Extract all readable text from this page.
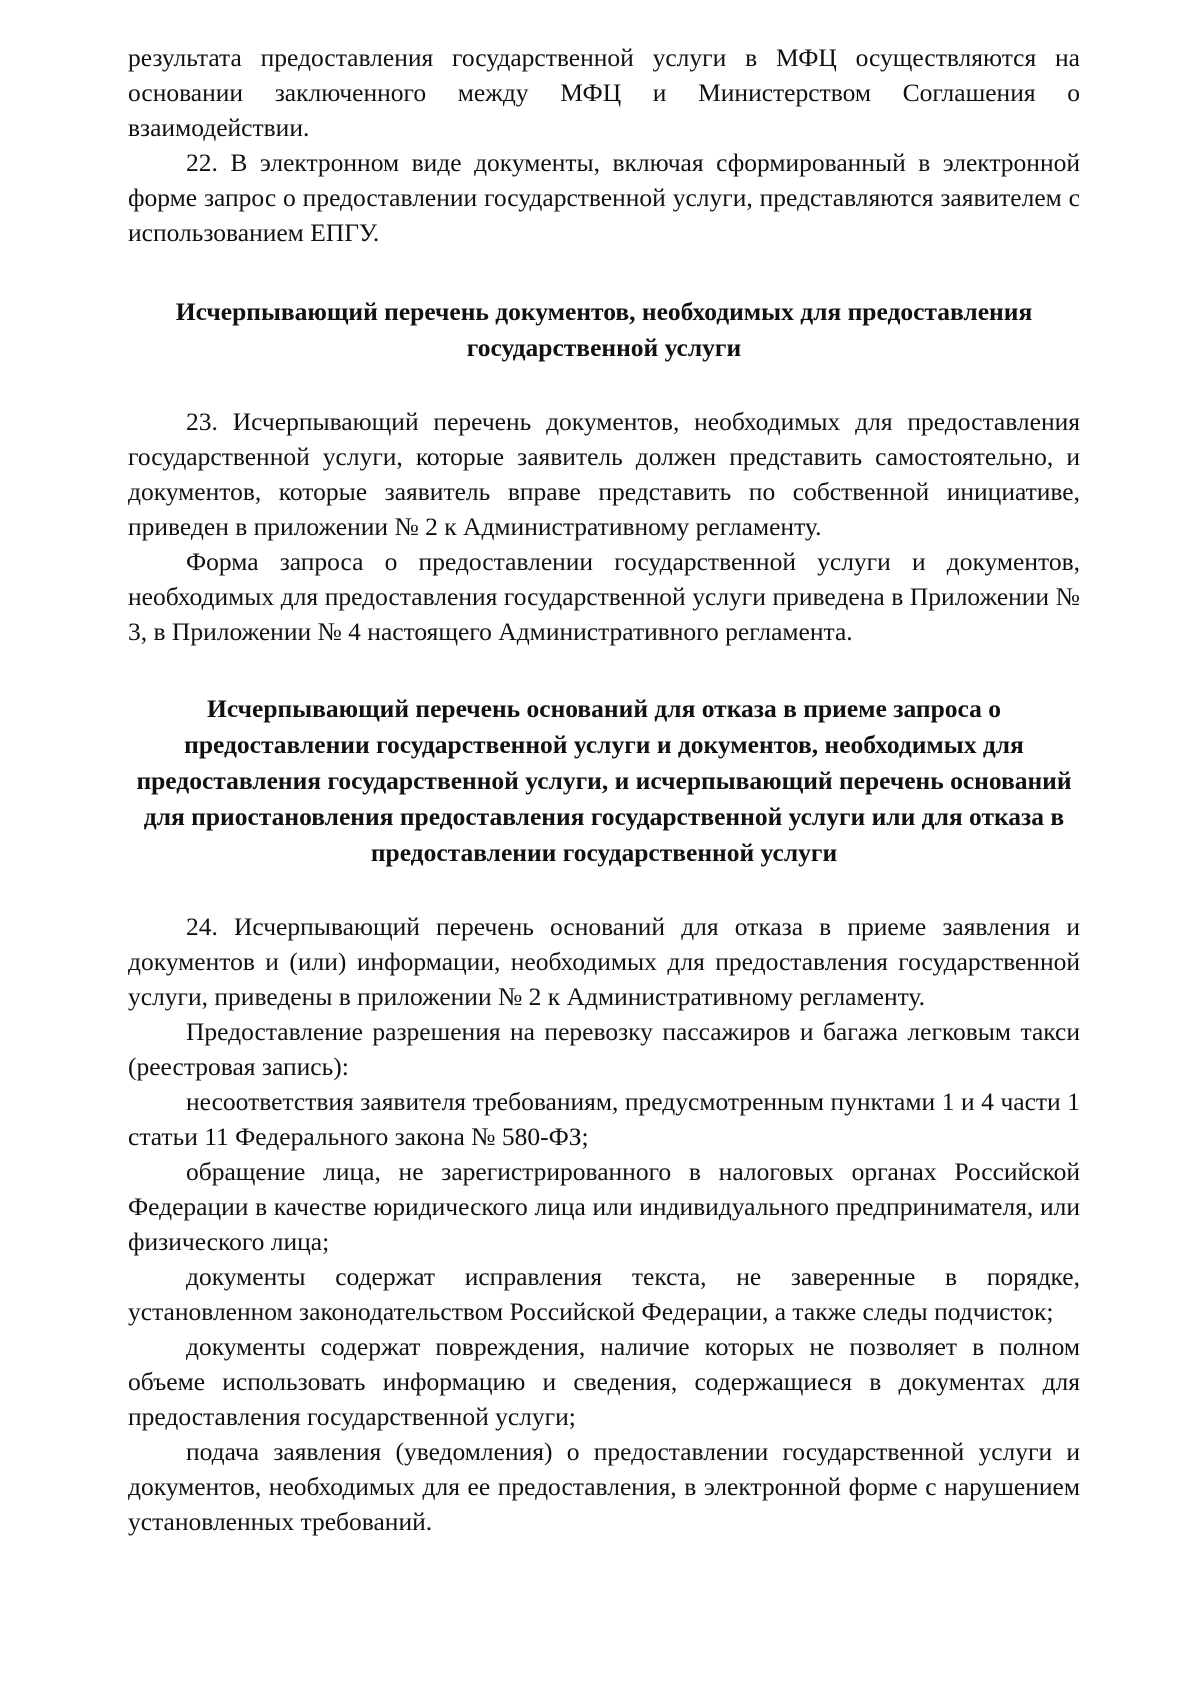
результата предоставления государственной услуги в МФЦ осуществляются на основании заключенного между МФЦ и Министерством Соглашения о взаимодействии.

22. В электронном виде документы, включая сформированный в электронной форме запрос о предоставлении государственной услуги, представляются заявителем с использованием ЕПГУ.

Исчерпывающий перечень документов, необходимых для предоставления государственной услуги

23. Исчерпывающий перечень документов, необходимых для предоставления государственной услуги, которые заявитель должен представить самостоятельно, и документов, которые заявитель вправе представить по собственной инициативе, приведен в приложении № 2 к Административному регламенту.

Форма запроса о предоставлении государственной услуги и документов, необходимых для предоставления государственной услуги приведена в Приложении № 3, в Приложении № 4 настоящего Административного регламента.

Исчерпывающий перечень оснований для отказа в приеме запроса о предоставлении государственной услуги и документов, необходимых для предоставления государственной услуги, и исчерпывающий перечень оснований для приостановления предоставления государственной услуги или для отказа в предоставлении государственной услуги

24. Исчерпывающий перечень оснований для отказа в приеме заявления и документов и (или) информации, необходимых для предоставления государственной услуги, приведены в приложении № 2 к Административному регламенту.

Предоставление разрешения на перевозку пассажиров и багажа легковым такси (реестровая запись):

несоответствия заявителя требованиям, предусмотренным пунктами 1 и 4 части 1 статьи 11 Федерального закона № 580-ФЗ;

обращение лица, не зарегистрированного в налоговых органах Российской Федерации в качестве юридического лица или индивидуального предпринимателя, или физического лица;

документы содержат исправления текста, не заверенные в порядке, установленном законодательством Российской Федерации, а также следы подчисток;

документы содержат повреждения, наличие которых не позволяет в полном объеме использовать информацию и сведения, содержащиеся в документах для предоставления государственной услуги;

подача заявления (уведомления) о предоставлении государственной услуги и документов, необходимых для ее предоставления, в электронной форме с нарушением установленных требований.
